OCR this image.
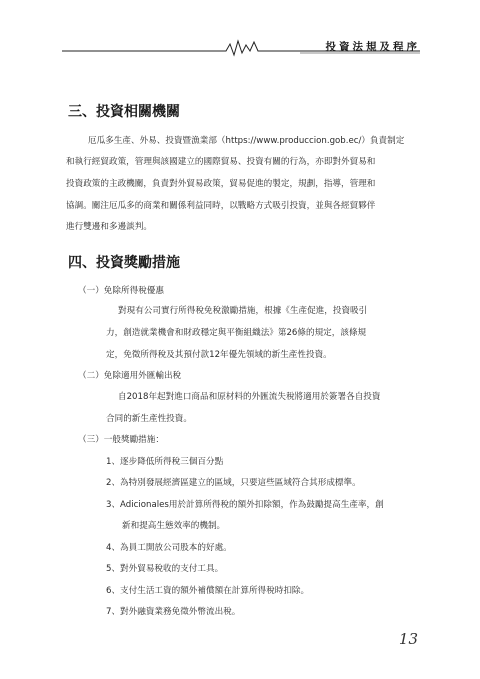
投資法規及程序
三、投資相關機關
厄瓜多生產、外易、投資暨漁業部（https://www.produccion.gob.ec/）負責制定
和執行經貿政策，管理與該國建立的國際貿易、投資有關的行為，亦即對外貿易和
投資政策的主政機關，負責對外貿易政策，貿易促進的製定，規劃，指導，管理和
協調。關注厄瓜多的商業和關係利益同時，以戰略方式吸引投資，並與各經貿夥伴
進行雙邊和多邊談判。
四、投資獎勵措施
（一）免除所得稅優惠
對現有公司實行所得稅免稅激勵措施，根據《生產促進，投資吸引
力，創造就業機會和財政穩定與平衡組織法》第26條的規定，該條規
定，免徵所得稅及其預付款12年優先領域的新生產性投資。
（二）免除適用外匯輸出稅
自2018年起對進口商品和原材料的外匯流失稅將適用於簽署各自投資
合同的新生產性投資。
（三）一般獎勵措施：
1、逐步降低所得稅三個百分點
2、為特別發展經濟區建立的區域，只要這些區域符合其形成標準。
3、Adicionales用於計算所得稅的額外扣除額，作為鼓勵提高生產率，創
新和提高生態效率的機制。
4、為員工開放公司股本的好處。
5、對外貿易稅收的支付工具。
6、支付生活工資的額外補償額在計算所得稅時扣除。
7、對外融資業務免徵外幣流出稅。
13
